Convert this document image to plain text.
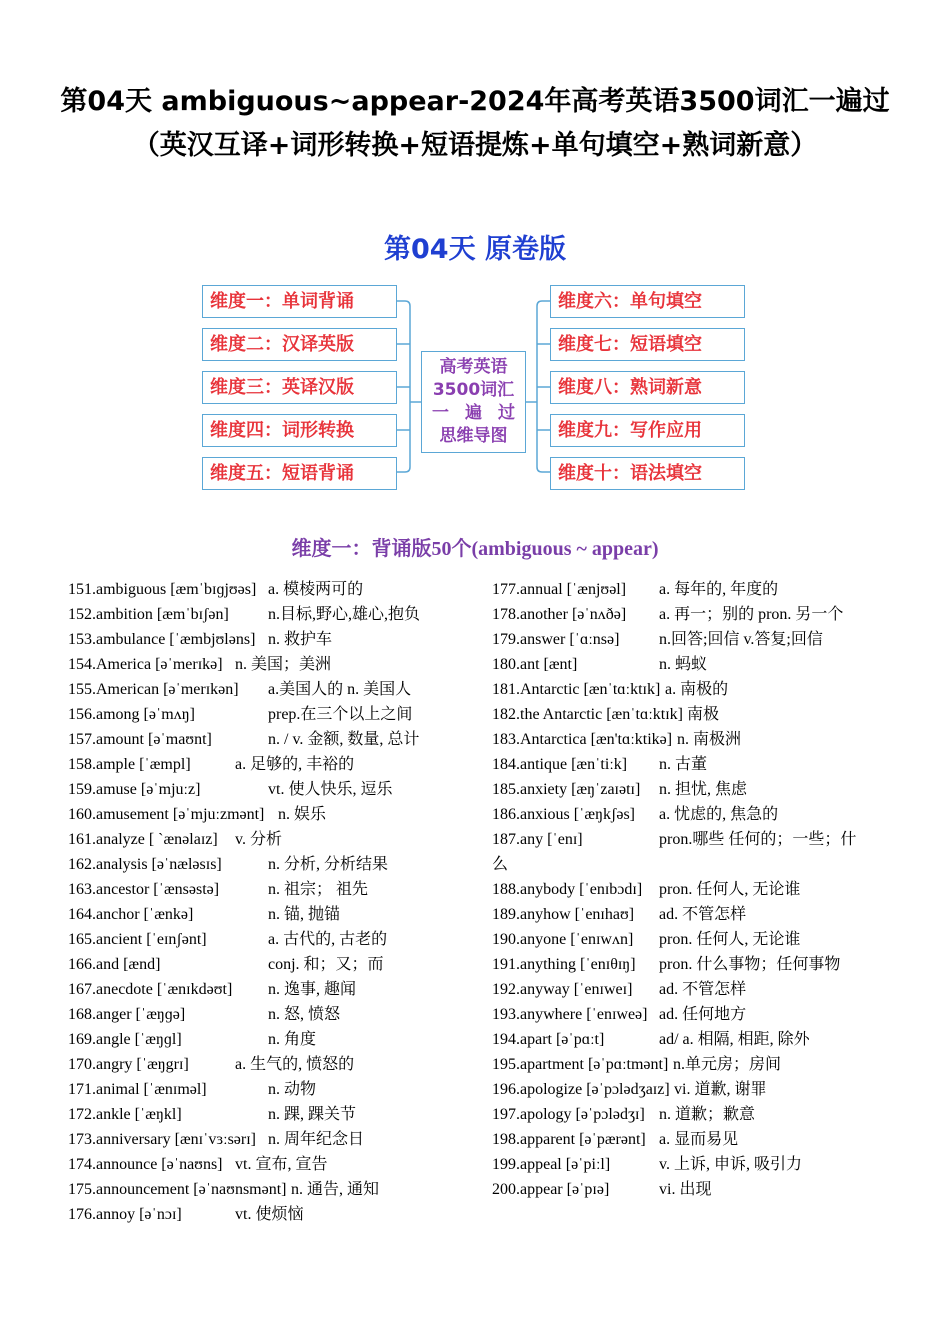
第04天 ambiguous~appear-2024年高考英语3500词汇一遍过（英汉互译+词形转换+短语提炼+单句填空+熟词新意）
第04天 原卷版
维度一：单词背诵
维度二：汉译英版
维度三：英译汉版
维度四：词形转换
维度五：短语背诵
高考英语
3500词汇
一 遍 过
思维导图
维度六：单句填空
维度七：短语填空
维度八：熟词新意
维度九：写作应用
维度十：语法填空
维度一：背诵版50个(ambiguous ~ appear)
151.ambiguous [æmˈbɪɡjʊəs] a. 模棱两可的
152.ambition [æmˈbɪʃən] n.目标,野心,雄心,抱负
153.ambulance [ˈæmbjʊləns] n. 救护车
154.America [əˈmerɪkə] n. 美国；美洲
155.American [əˈmerɪkən] a.美国人的 n. 美国人
156.among [əˈmʌŋ]	prep.在三个以上之间
157.amount [əˈmaʊnt]	n. / v. 金额, 数量, 总计
158.ample [ˈæmpl]	a. 足够的, 丰裕的
159.amuse [əˈmjuːz]	vt. 使人快乐, 逗乐
160.amusement [əˈmjuːzmənt] n. 娱乐
161.analyze [ ˋænəlaɪz] v. 分析
162.analysis [əˈnæləsɪs]	n. 分析, 分析结果
163.ancestor [ˈænsəstə]	n. 祖宗； 祖先
164.anchor [ˈænkə]	n. 锚, 抛锚
165.ancient [ˈeɪnʃənt]	a. 古代的, 古老的
166.and [ænd]	conj. 和；又；而
167.anecdote [ˈænɪkdəʊt] n. 逸事, 趣闻
168.anger [ˈæŋɡə]	n. 怒, 愤怒
169.angle [ˈæŋɡl]	n. 角度
170.angry [ˈæŋgrɪ]	a. 生气的, 愤怒的
171.animal [ˈænɪməl]	n. 动物
172.ankle [ˈæŋkl]	n. 踝, 踝关节
173.anniversary [ænɪˈvɜːsərɪ] n. 周年纪念日
174.announce [əˈnaʊns] vt. 宣布, 宣告
175.announcement [əˈnaʊnsmənt] n. 通告, 通知
176.annoy [əˈnɔɪ]	vt. 使烦恼
177.annual [ˈænjʊəl] a. 每年的, 年度的
178.another [əˈnʌðə] a. 再一；别的 pron. 另一个
179.answer [ˈɑːnsə] n.回答;回信 v.答复;回信
180.ant [ænt]	n. 蚂蚁
181.Antarctic [ænˈtɑːktɪk] a. 南极的
182.the Antarctic [ænˈtɑːktɪk] 南极
183.Antarctica [æn'tɑːktikə] n. 南极洲
184.antique [ænˈtiːk] n. 古董
185.anxiety [æŋˈzaɪətɪ] n. 担忧, 焦虑
186.anxious [ˈæŋkʃəs] a. 忧虑的, 焦急的
187.any [ˈenɪ]	pron.哪些 任何的；一些；什
么
188.anybody [ˈenɪbɔdɪ] pron. 任何人, 无论谁
189.anyhow [ˈenɪhaʊ] ad. 不管怎样
190.anyone [ˈenɪwʌn] pron. 任何人, 无论谁
191.anything [ˈenɪθɪŋ] pron. 什么事物；任何事物
192.anyway [ˈenɪweɪ] ad. 不管怎样
193.anywhere [ˈenɪweə] ad. 任何地方
194.apart [əˈpɑːt]	ad/ a. 相隔, 相距, 除外
195.apartment [əˈpɑːtmənt] n.单元房；房间
196.apologize [əˈpɔlədʒaɪz] vi. 道歉, 谢罪
197.apology [əˈpɔlədʒɪ] n. 道歉；歉意
198.apparent [əˈpærənt] a. 显而易见
199.appeal [əˈpiːl]	v. 上诉, 申诉, 吸引力
200.appear [əˈpɪə]	vi. 出现
